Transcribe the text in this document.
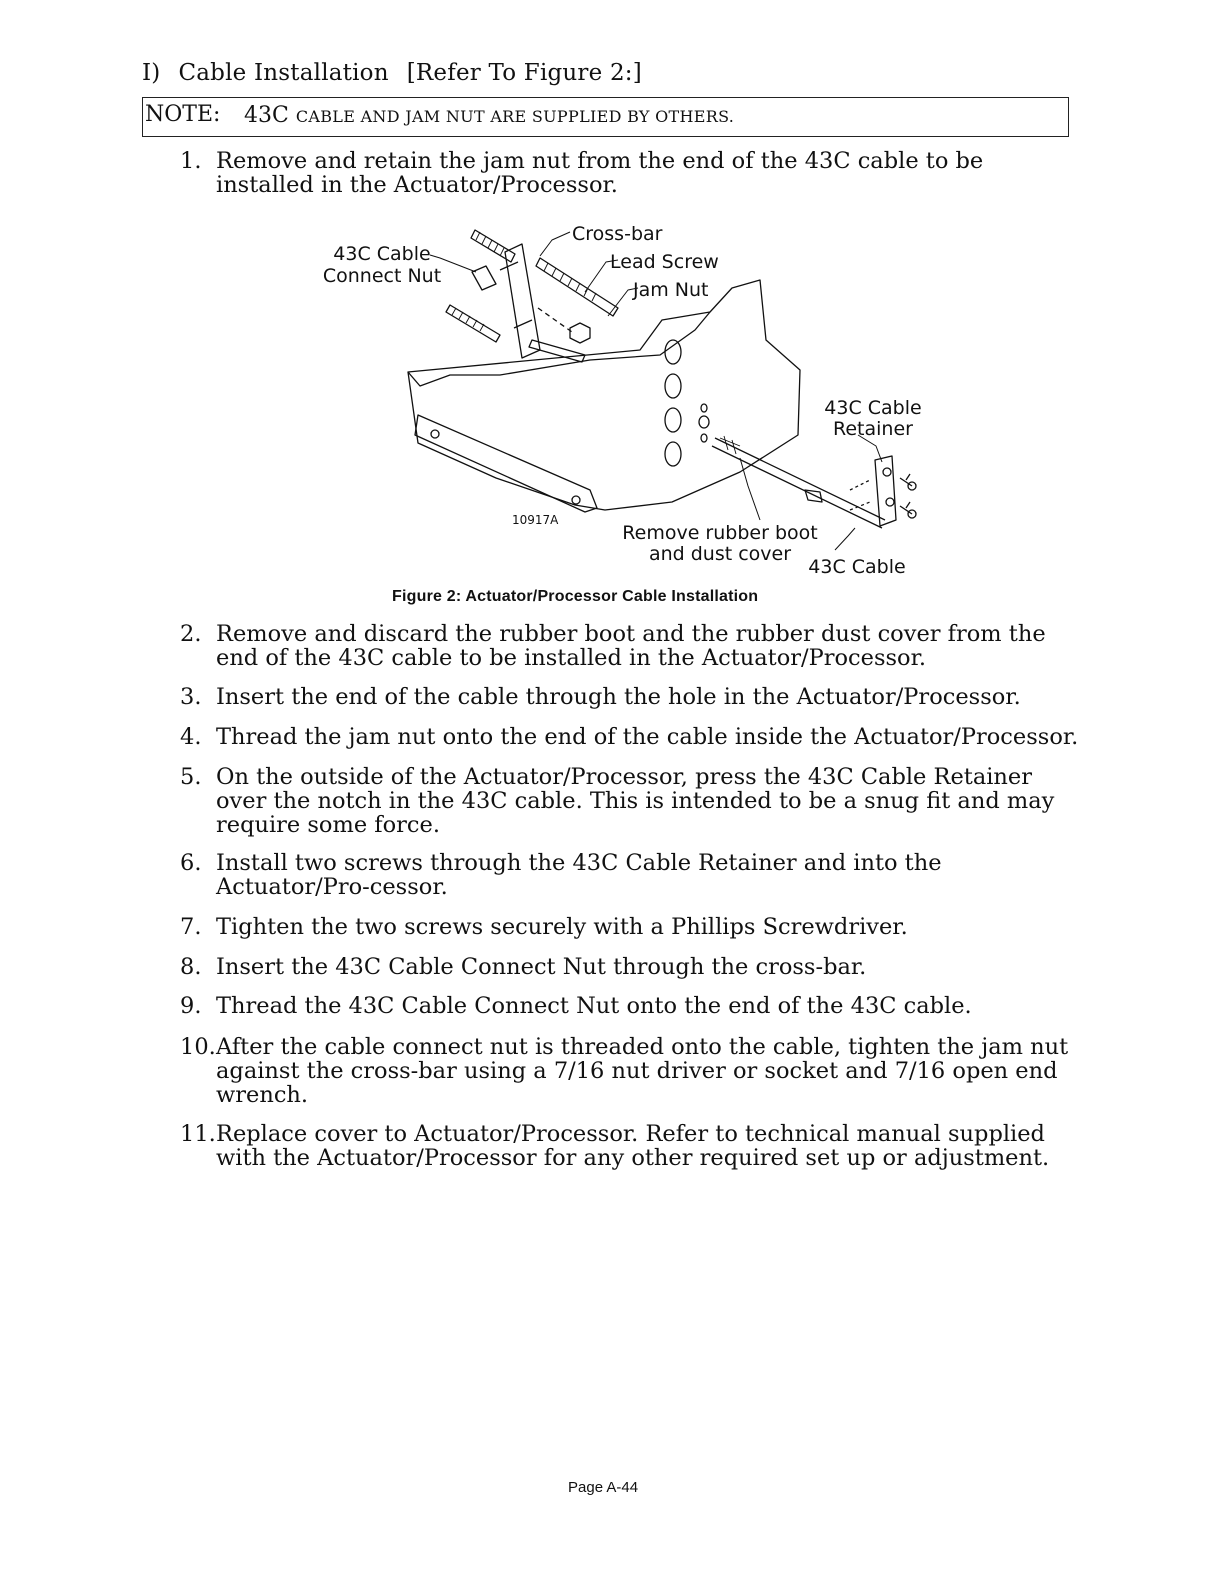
I) Cable Installation [Refer To Figure 2:]
NOTE: 43C CABLE AND JAM NUT ARE SUPPLIED BY OTHERS.
1. Remove and retain the jam nut from the end of the 43C cable to be installed in the Actuator/Processor.
Cross-bar
Lead Screw
Jam Nut
43C Cable
Connect Nut
43C Cable
Retainer
Remove rubber boot
and dust cover
43C Cable
10917A
Figure 2: Actuator/Processor Cable Installation
2. Remove and discard the rubber boot and the rubber dust cover from the end of the 43C cable to be installed in the Actuator/Processor.
3. Insert the end of the cable through the hole in the Actuator/Processor.
4. Thread the jam nut onto the end of the cable inside the Actuator/Processor.
5. On the outside of the Actuator/Processor, press the 43C Cable Retainer over the notch in the 43C cable. This is intended to be a snug fit and may require some force.
6. Install two screws through the 43C Cable Retainer and into the Actuator/Pro-cessor.
7. Tighten the two screws securely with a Phillips Screwdriver.
8. Insert the 43C Cable Connect Nut through the cross-bar.
9. Thread the 43C Cable Connect Nut onto the end of the 43C cable.
10. After the cable connect nut is threaded onto the cable, tighten the jam nut against the cross-bar using a 7/16 nut driver or socket and 7/16 open end wrench.
11. Replace cover to Actuator/Processor. Refer to technical manual supplied with the Actuator/Processor for any other required set up or adjustment.
Page A-44
